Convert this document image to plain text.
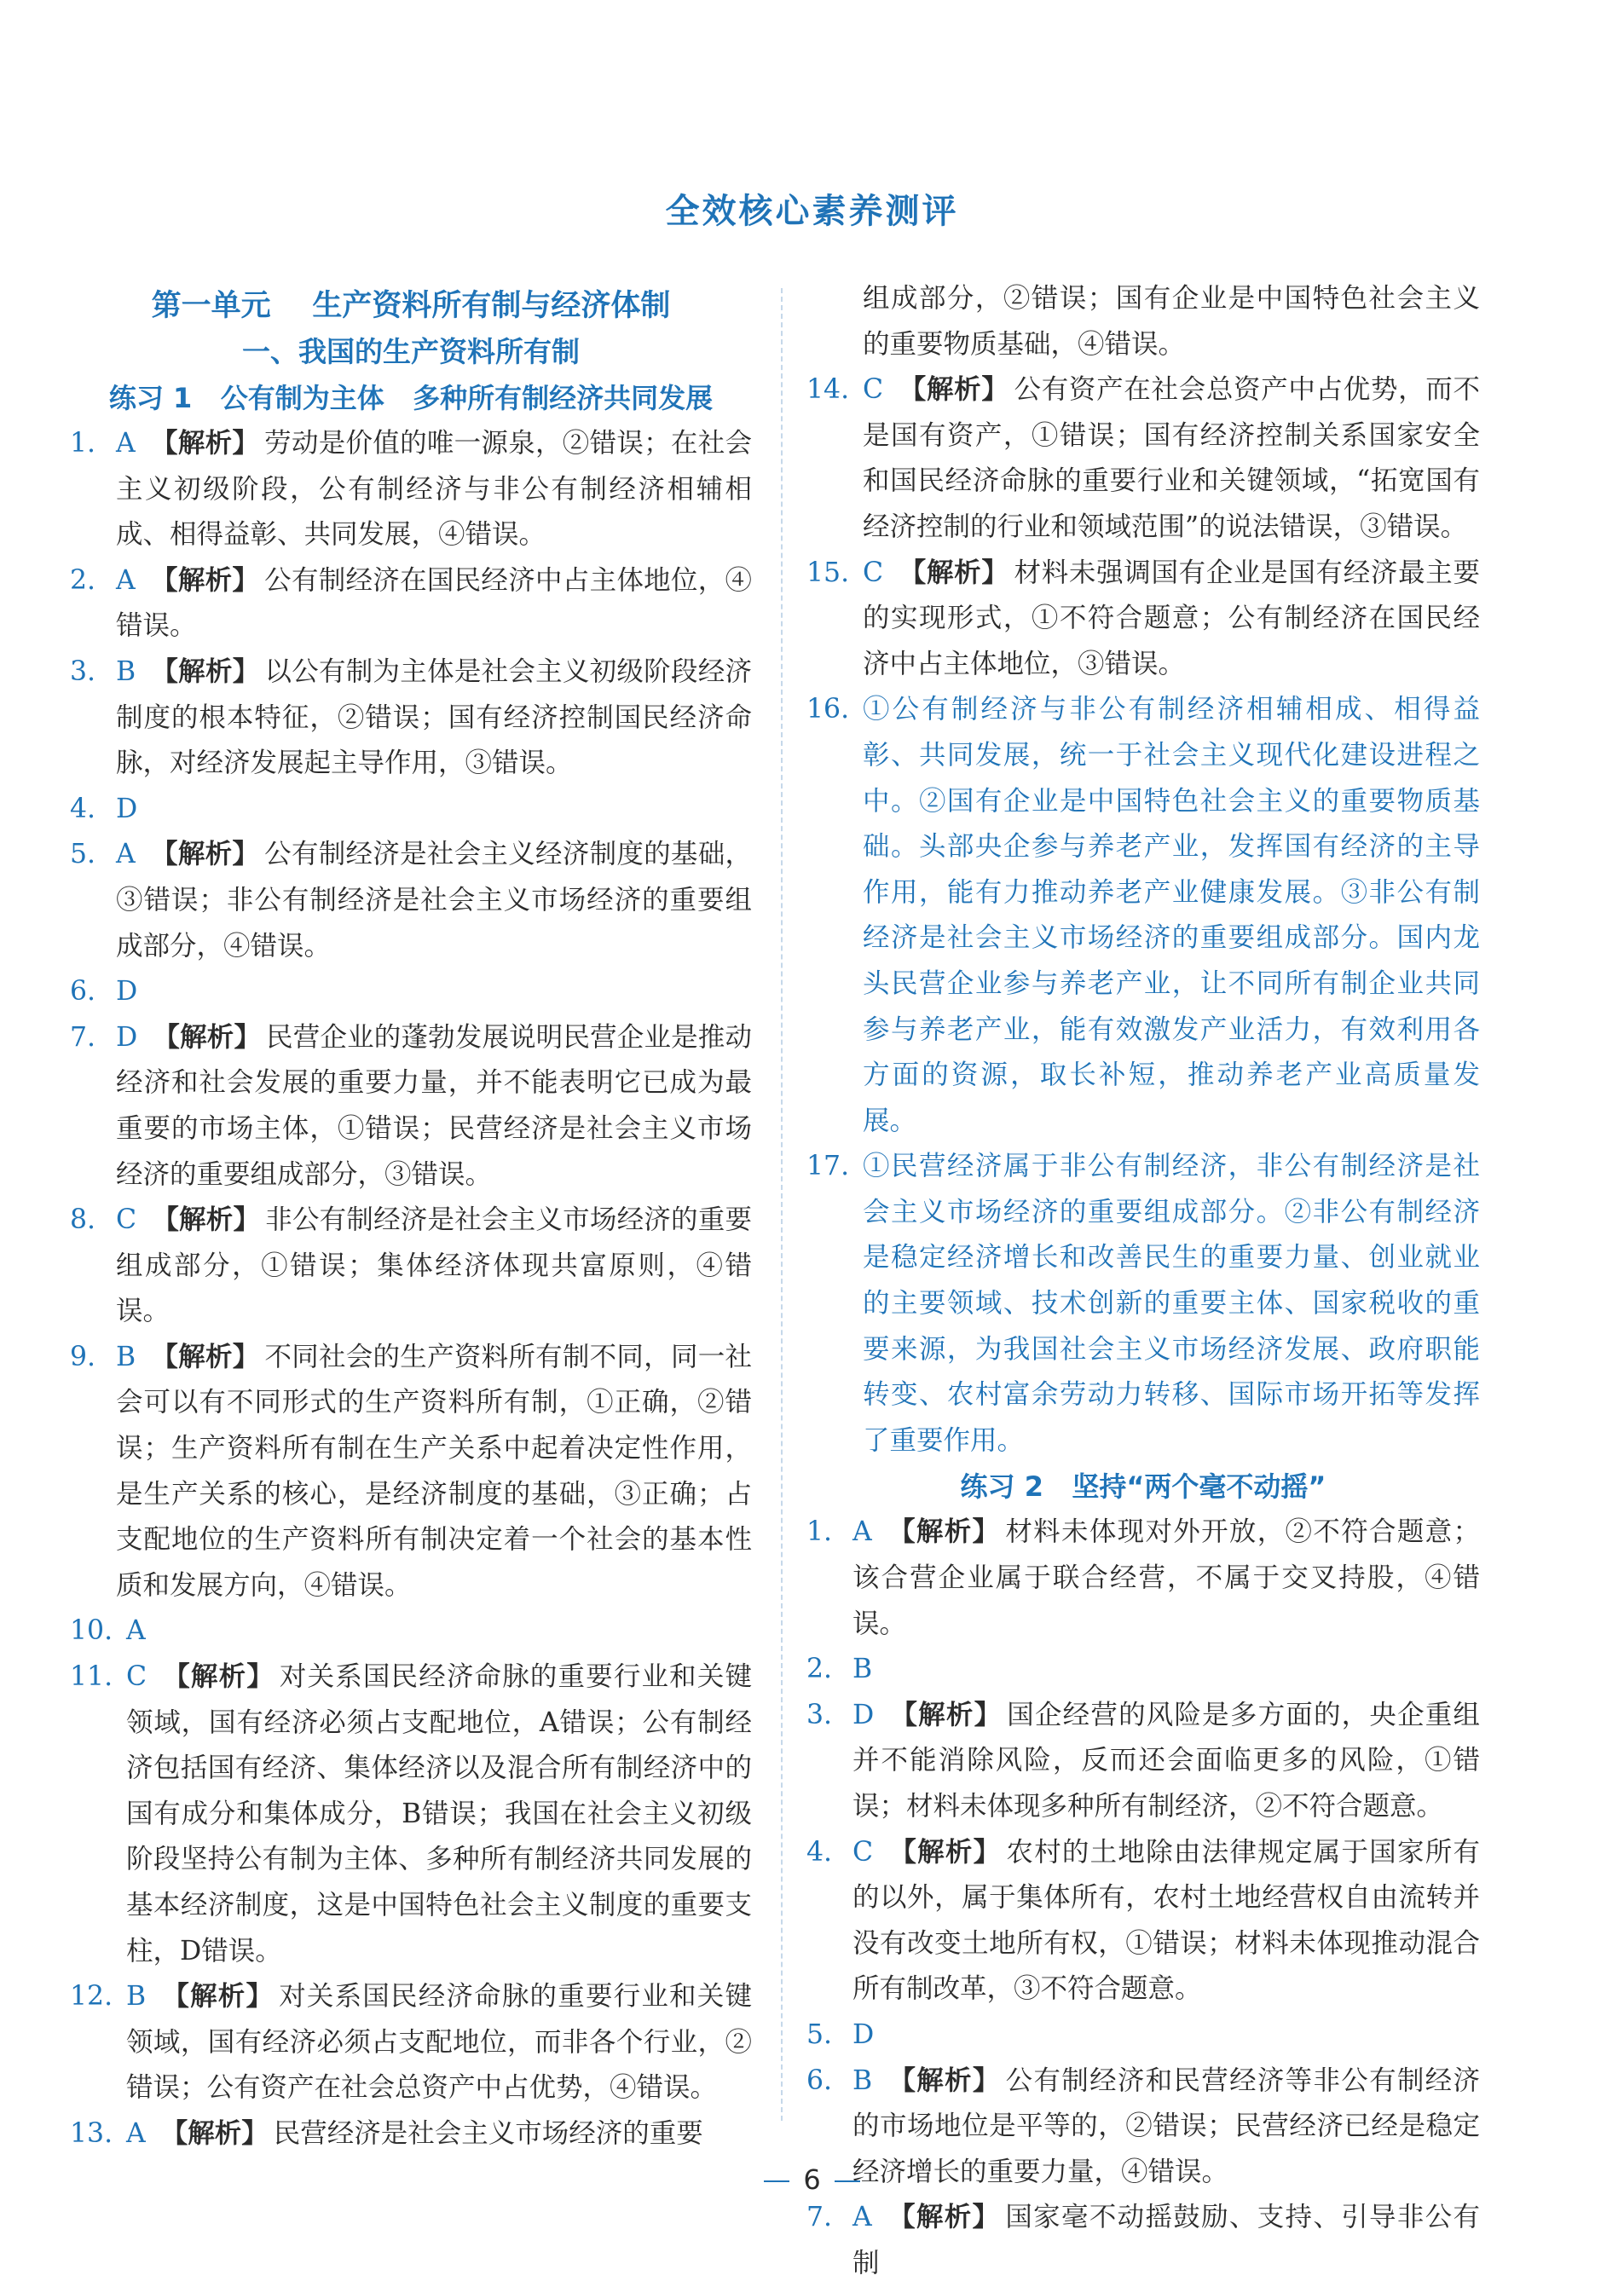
全效核心素养测评
第一单元    生产资料所有制与经济体制
一、我国的生产资料所有制
练习 1   公有制为主体   多种所有制经济共同发展
1. A 【解析】 劳动是价值的唯一源泉，②错误；在社会主义初级阶段，公有制经济与非公有制经济相辅相成、相得益彰、共同发展，④错误。
2. A 【解析】 公有制经济在国民经济中占主体地位，④错误。
3. B 【解析】 以公有制为主体是社会主义初级阶段经济制度的根本特征，②错误；国有经济控制国民经济命脉，对经济发展起主导作用，③错误。
4. D
5. A 【解析】 公有制经济是社会主义经济制度的基础，③错误；非公有制经济是社会主义市场经济的重要组成部分，④错误。
6. D
7. D 【解析】 民营企业的蓬勃发展说明民营企业是推动经济和社会发展的重要力量，并不能表明它已成为最重要的市场主体，①错误；民营经济是社会主义市场经济的重要组成部分，③错误。
8. C 【解析】 非公有制经济是社会主义市场经济的重要组成部分，①错误；集体经济体现共富原则，④错误。
9. B 【解析】 不同社会的生产资料所有制不同，同一社会可以有不同形式的生产资料所有制，①正确，②错误；生产资料所有制在生产关系中起着决定性作用，是生产关系的核心，是经济制度的基础，③正确；占支配地位的生产资料所有制决定着一个社会的基本性质和发展方向，④错误。
10. A
11. C 【解析】 对关系国民经济命脉的重要行业和关键领域，国有经济必须占支配地位，A错误；公有制经济包括国有经济、集体经济以及混合所有制经济中的国有成分和集体成分，B错误；我国在社会主义初级阶段坚持公有制为主体、多种所有制经济共同发展的基本经济制度，这是中国特色社会主义制度的重要支柱，D错误。
12. B 【解析】 对关系国民经济命脉的重要行业和关键领域，国有经济必须占支配地位，而非各个行业，②错误；公有资产在社会总资产中占优势，④错误。
13. A 【解析】 民营经济是社会主义市场经济的重要
组成部分，②错误；国有企业是中国特色社会主义的重要物质基础，④错误。
14. C 【解析】 公有资产在社会总资产中占优势，而不是国有资产，①错误；国有经济控制关系国家安全和国民经济命脉的重要行业和关键领域，“拓宽国有经济控制的行业和领域范围”的说法错误，③错误。
15. C 【解析】 材料未强调国有企业是国有经济最主要的实现形式，①不符合题意；公有制经济在国民经济中占主体地位，③错误。
16. ①公有制经济与非公有制经济相辅相成、相得益彰、共同发展，统一于社会主义现代化建设进程之中。②国有企业是中国特色社会主义的重要物质基础。头部央企参与养老产业，发挥国有经济的主导作用，能有力推动养老产业健康发展。③非公有制经济是社会主义市场经济的重要组成部分。国内龙头民营企业参与养老产业，让不同所有制企业共同参与养老产业，能有效激发产业活力，有效利用各方面的资源，取长补短，推动养老产业高质量发展。
17. ①民营经济属于非公有制经济，非公有制经济是社会主义市场经济的重要组成部分。②非公有制经济是稳定经济增长和改善民生的重要力量、创业就业的主要领域、技术创新的重要主体、国家税收的重要来源，为我国社会主义市场经济发展、政府职能转变、农村富余劳动力转移、国际市场开拓等发挥了重要作用。
练习 2   坚持“两个毫不动摇”
1. A 【解析】 材料未体现对外开放，②不符合题意；该合营企业属于联合经营，不属于交叉持股，④错误。
2. B
3. D 【解析】 国企经营的风险是多方面的，央企重组并不能消除风险，反而还会面临更多的风险，①错误；材料未体现多种所有制经济，②不符合题意。
4. C 【解析】 农村的土地除由法律规定属于国家所有的以外，属于集体所有，农村土地经营权自由流转并没有改变土地所有权，①错误；材料未体现推动混合所有制改革，③不符合题意。
5. D
6. B 【解析】 公有制经济和民营经济等非公有制经济的市场地位是平等的，②错误；民营经济已经是稳定经济增长的重要力量，④错误。
7. A 【解析】 国家毫不动摇鼓励、支持、引导非公有制
6
